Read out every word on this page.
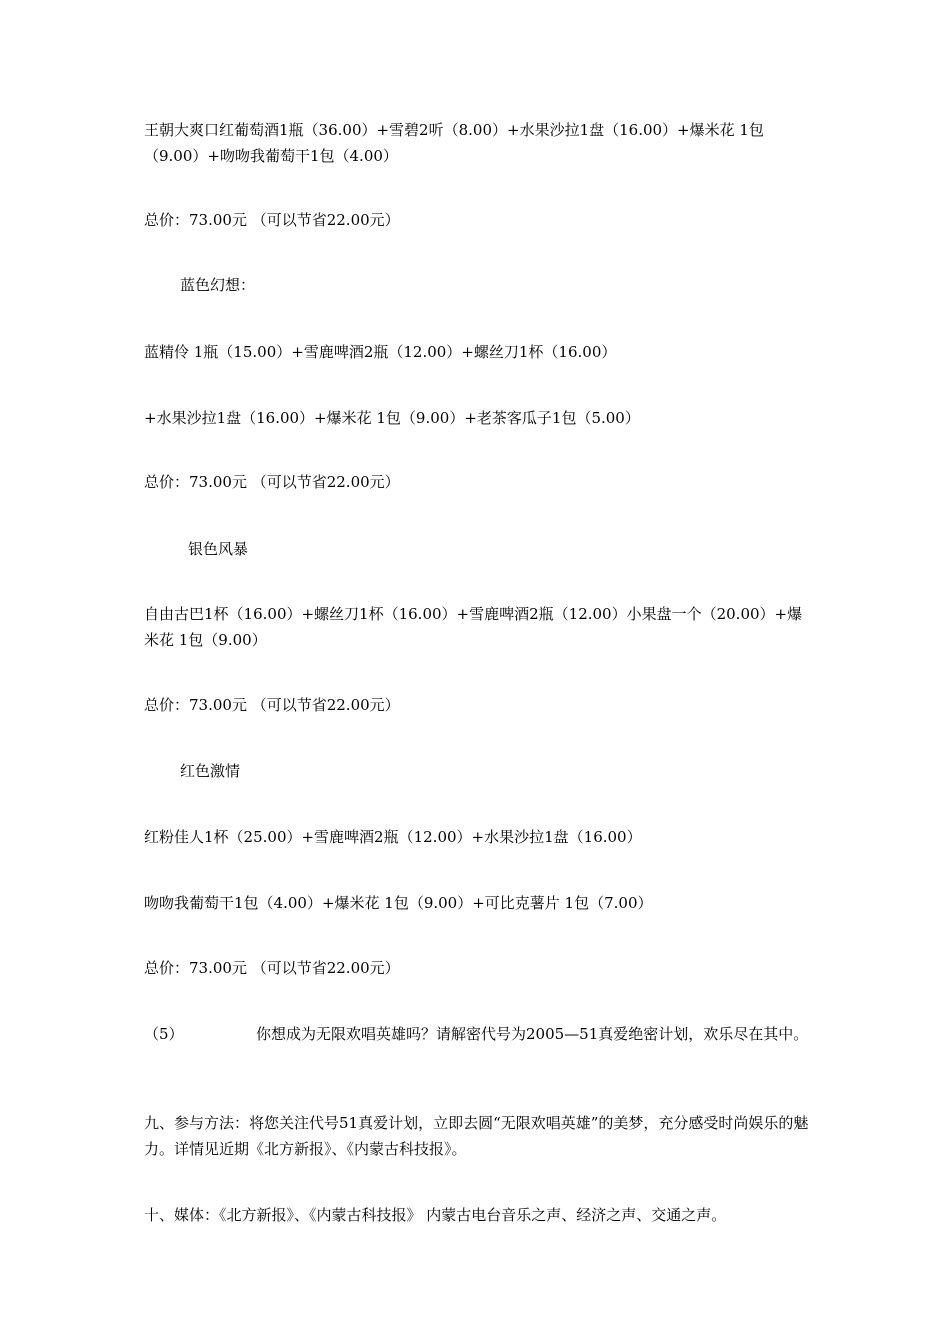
王朝大爽口红葡萄酒1瓶（36.00）+雪碧2听（8.00）+水果沙拉1盘（16.00）+爆米花 1包（9.00）+吻吻我葡萄干1包（4.00）

总价：73.00元 （可以节省22.00元）

蓝色幻想：

蓝精伶 1瓶（15.00）+雪鹿啤酒2瓶（12.00）+螺丝刀1杯（16.00）

+水果沙拉1盘（16.00）+爆米花 1包（9.00）+老茶客瓜子1包（5.00）

总价：73.00元 （可以节省22.00元）

银色风暴

自由古巴1杯（16.00）+螺丝刀1杯（16.00）+雪鹿啤酒2瓶（12.00）小果盘一个（20.00）+爆米花 1包（9.00）

总价：73.00元 （可以节省22.00元）

红色激情

红粉佳人1杯（25.00）+雪鹿啤酒2瓶（12.00）+水果沙拉1盘（16.00）

吻吻我葡萄干1包（4.00）+爆米花 1包（9.00）+可比克薯片 1包（7.00）

总价：73.00元 （可以节省22.00元）

（5）	你想成为无限欢唱英雄吗？请解密代号为2005—51真爱绝密计划，欢乐尽在其中。

九、参与方法：将您关注代号51真爱计划，立即去圆“无限欢唱英雄”的美梦，充分感受时尚娱乐的魅力。详情见近期《北方新报》、《内蒙古科技报》。

十、媒体：《北方新报》、《内蒙古科技报》 内蒙古电台音乐之声、经济之声、交通之声。
